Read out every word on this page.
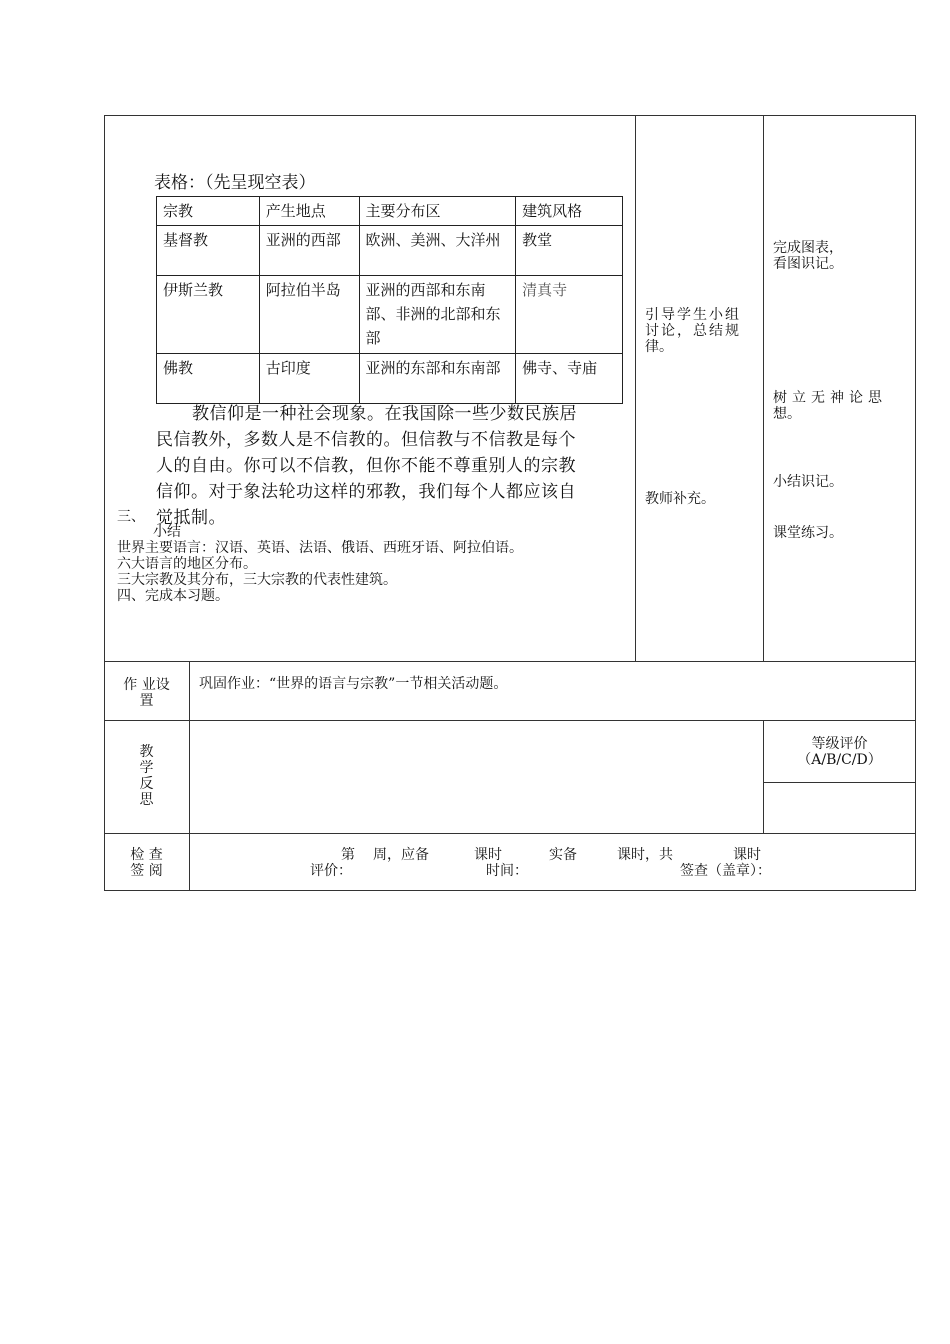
表格：（先呈现空表）
宗教	产生地点	主要分布区	建筑风格
基督教	亚洲的西部	欧洲、美洲、大洋州	教堂
伊斯兰教	阿拉伯半岛	亚洲的西部和东南部、非洲的北部和东部	清真寺
佛教	古印度	亚洲的东部和东南部	佛寺、寺庙
教信仰是一种社会现象。在我国除一些少数民族居
民信教外，多数人是不信教的。但信教与不信教是每个
人的自由。你可以不信教，但你不能不尊重别人的宗教
信仰。对于象法轮功这样的邪教，我们每个人都应该自
觉抵制。
三、
小结
世界主要语言：汉语、英语、法语、俄语、西班牙语、阿拉伯语。
六大语言的地区分布。
三大宗教及其分布，三大宗教的代表性建筑。
四、完成本习题。
引导学生小组
讨论，总结规
律。
教师补充。
完成图表，
看图识记。
树立无神论思
想。
小结识记。
课堂练习。
作 业设
置
巩固作业：“世界的语言与宗教”一节相关活动题。
教
学
反
思
等级评价
（A/B/C/D）
检 查
签 阅
第 周，应备	课时	实备	课时，共	课时
评价：	时间：	签查（盖章）：
